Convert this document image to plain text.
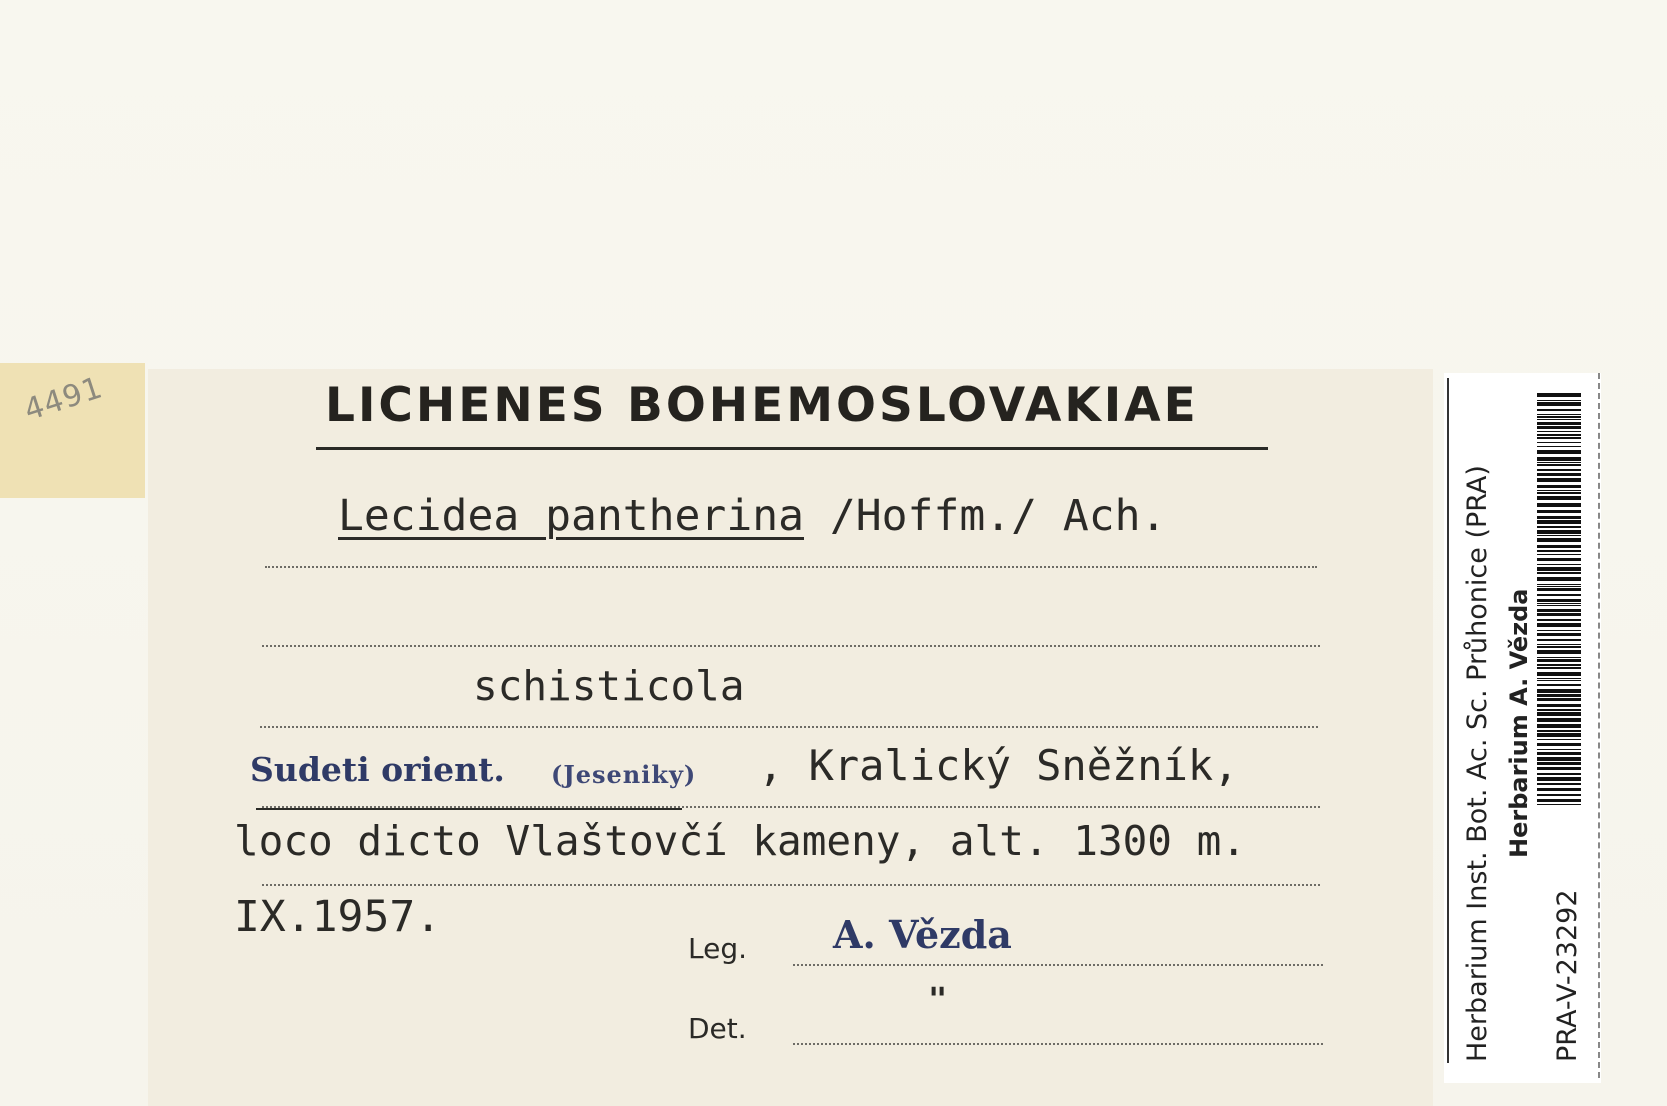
4491	LICHENES BOHEMOSLOVAKIAE
Lecidea pantherina /Hoffm./ Ach.
schisticola
Sudeti orient. (Jeseniky) , Kralický Sněžník,
loco dicto Vlaštovčí kameny, alt. 1300 m.
IX.1957.
Leg. A. Vězda
"
Det.	Herbarium Inst. Bot. Ac. Sc. Průhonice (PRA) Herbarium A. Vězda
PRA-V-23292
